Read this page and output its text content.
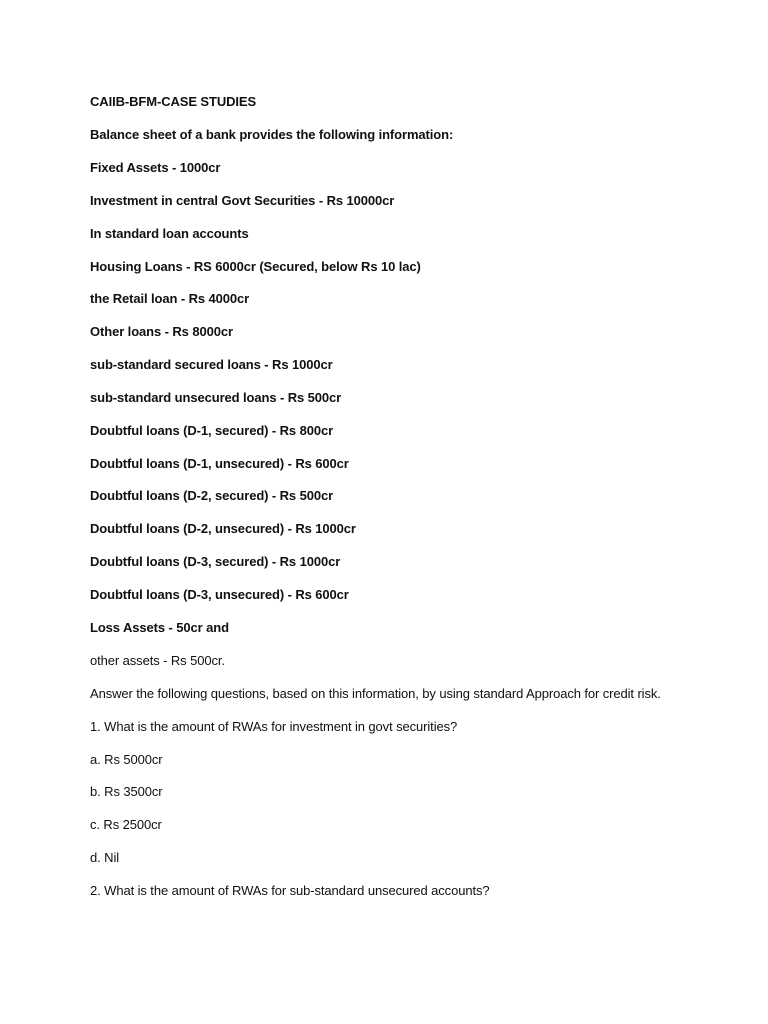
CAIIB-BFM-CASE STUDIES
Balance sheet of a bank provides the following information:
Fixed Assets - 1000cr
Investment in central Govt Securities - Rs 10000cr
In standard loan accounts
Housing Loans - RS 6000cr (Secured, below Rs 10 lac)
the Retail loan - Rs 4000cr
Other loans - Rs 8000cr
sub-standard secured loans - Rs 1000cr
sub-standard unsecured loans - Rs 500cr
Doubtful loans (D-1, secured) - Rs 800cr
Doubtful loans (D-1, unsecured) - Rs 600cr
Doubtful loans (D-2, secured) - Rs 500cr
Doubtful loans (D-2, unsecured) - Rs 1000cr
Doubtful loans (D-3, secured) - Rs 1000cr
Doubtful loans (D-3, unsecured) - Rs 600cr
Loss Assets - 50cr and
other assets - Rs 500cr.
Answer the following questions, based on this information, by using standard Approach for credit risk.
1. What is the amount of RWAs for investment in govt securities?
a. Rs 5000cr
b. Rs 3500cr
c. Rs 2500cr
d. Nil
2. What is the amount of RWAs for sub-standard unsecured accounts?
